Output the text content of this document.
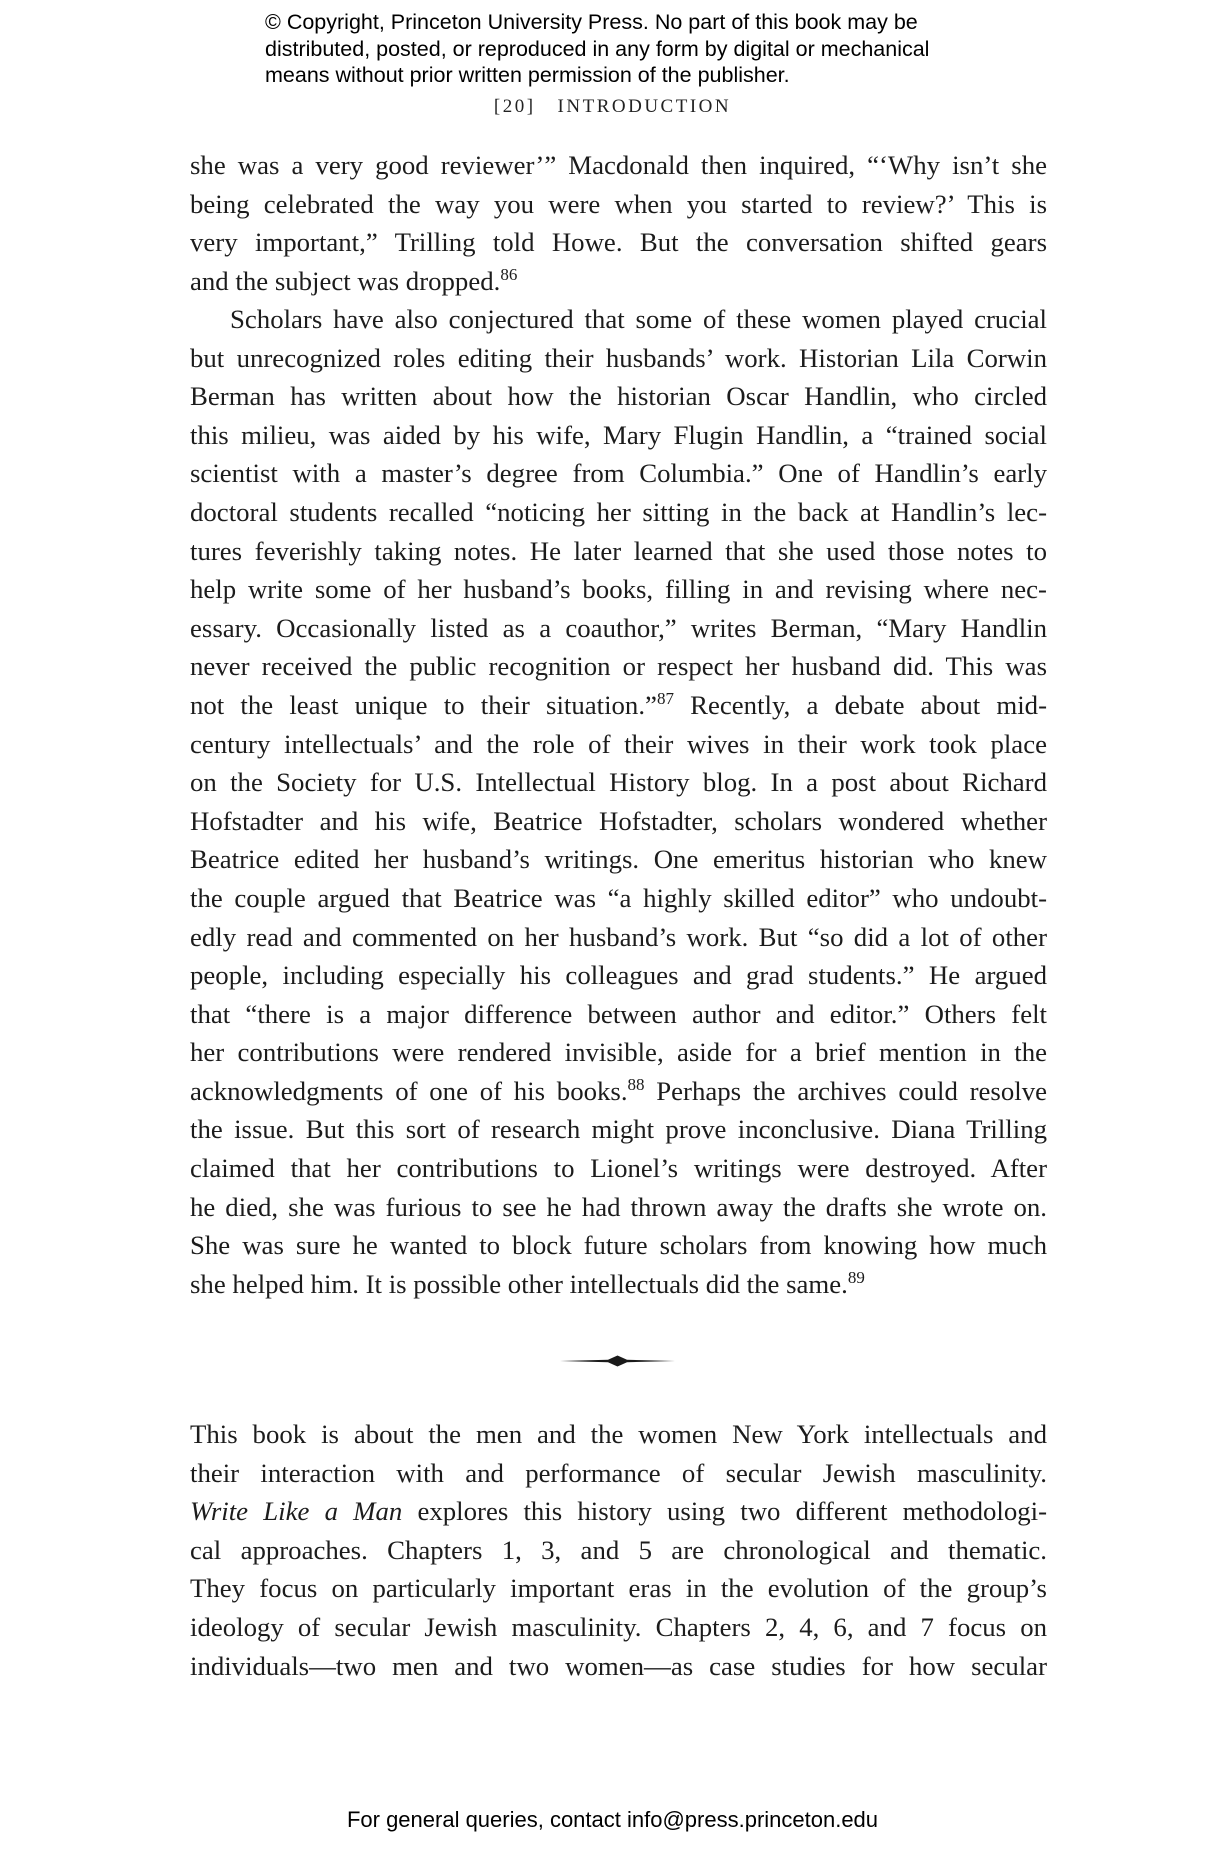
© Copyright, Princeton University Press. No part of this book may be
distributed, posted, or reproduced in any form by digital or mechanical
means without prior written permission of the publisher.
[20] INTRODUCTION
she was a very good reviewer’” Macdonald then inquired, “‘Why isn’t she
being celebrated the way you were when you started to review?’ This is
very important,” Trilling told Howe. But the conversation shifted gears
and the subject was dropped.$^{86}$
Scholars have also conjectured that some of these women played crucial
but unrecognized roles editing their husbands’ work. Historian Lila Corwin
Berman has written about how the historian Oscar Handlin, who circled
this milieu, was aided by his wife, Mary Flugin Handlin, a “trained social
scientist with a master’s degree from Columbia.” One of Handlin’s early
doctoral students recalled “noticing her sitting in the back at Handlin’s lec-
tures feverishly taking notes. He later learned that she used those notes to
help write some of her husband’s books, filling in and revising where nec-
essary. Occasionally listed as a coauthor,” writes Berman, “Mary Handlin
never received the public recognition or respect her husband did. This was
not the least unique to their situation.”$^{87}$ Recently, a debate about mid-
century intellectuals’ and the role of their wives in their work took place
on the Society for U.S. Intellectual History blog. In a post about Richard
Hofstadter and his wife, Beatrice Hofstadter, scholars wondered whether
Beatrice edited her husband’s writings. One emeritus historian who knew
the couple argued that Beatrice was “a highly skilled editor” who undoubt-
edly read and commented on her husband’s work. But “so did a lot of other
people, including especially his colleagues and grad students.” He argued
that “there is a major difference between author and editor.” Others felt
her contributions were rendered invisible, aside for a brief mention in the
acknowledgments of one of his books.$^{88}$ Perhaps the archives could resolve
the issue. But this sort of research might prove inconclusive. Diana Trilling
claimed that her contributions to Lionel’s writings were destroyed. After
he died, she was furious to see he had thrown away the drafts she wrote on.
She was sure he wanted to block future scholars from knowing how much
she helped him. It is possible other intellectuals did the same.$^{89}$
This book is about the men and the women New York intellectuals and
their interaction with and performance of secular Jewish masculinity.
Write Like a Man explores this history using two different methodologi-
cal approaches. Chapters 1, 3, and 5 are chronological and thematic.
They focus on particularly important eras in the evolution of the group’s
ideology of secular Jewish masculinity. Chapters 2, 4, 6, and 7 focus on
individuals—two men and two women—as case studies for how secular
For general queries, contact info@press.princeton.edu
